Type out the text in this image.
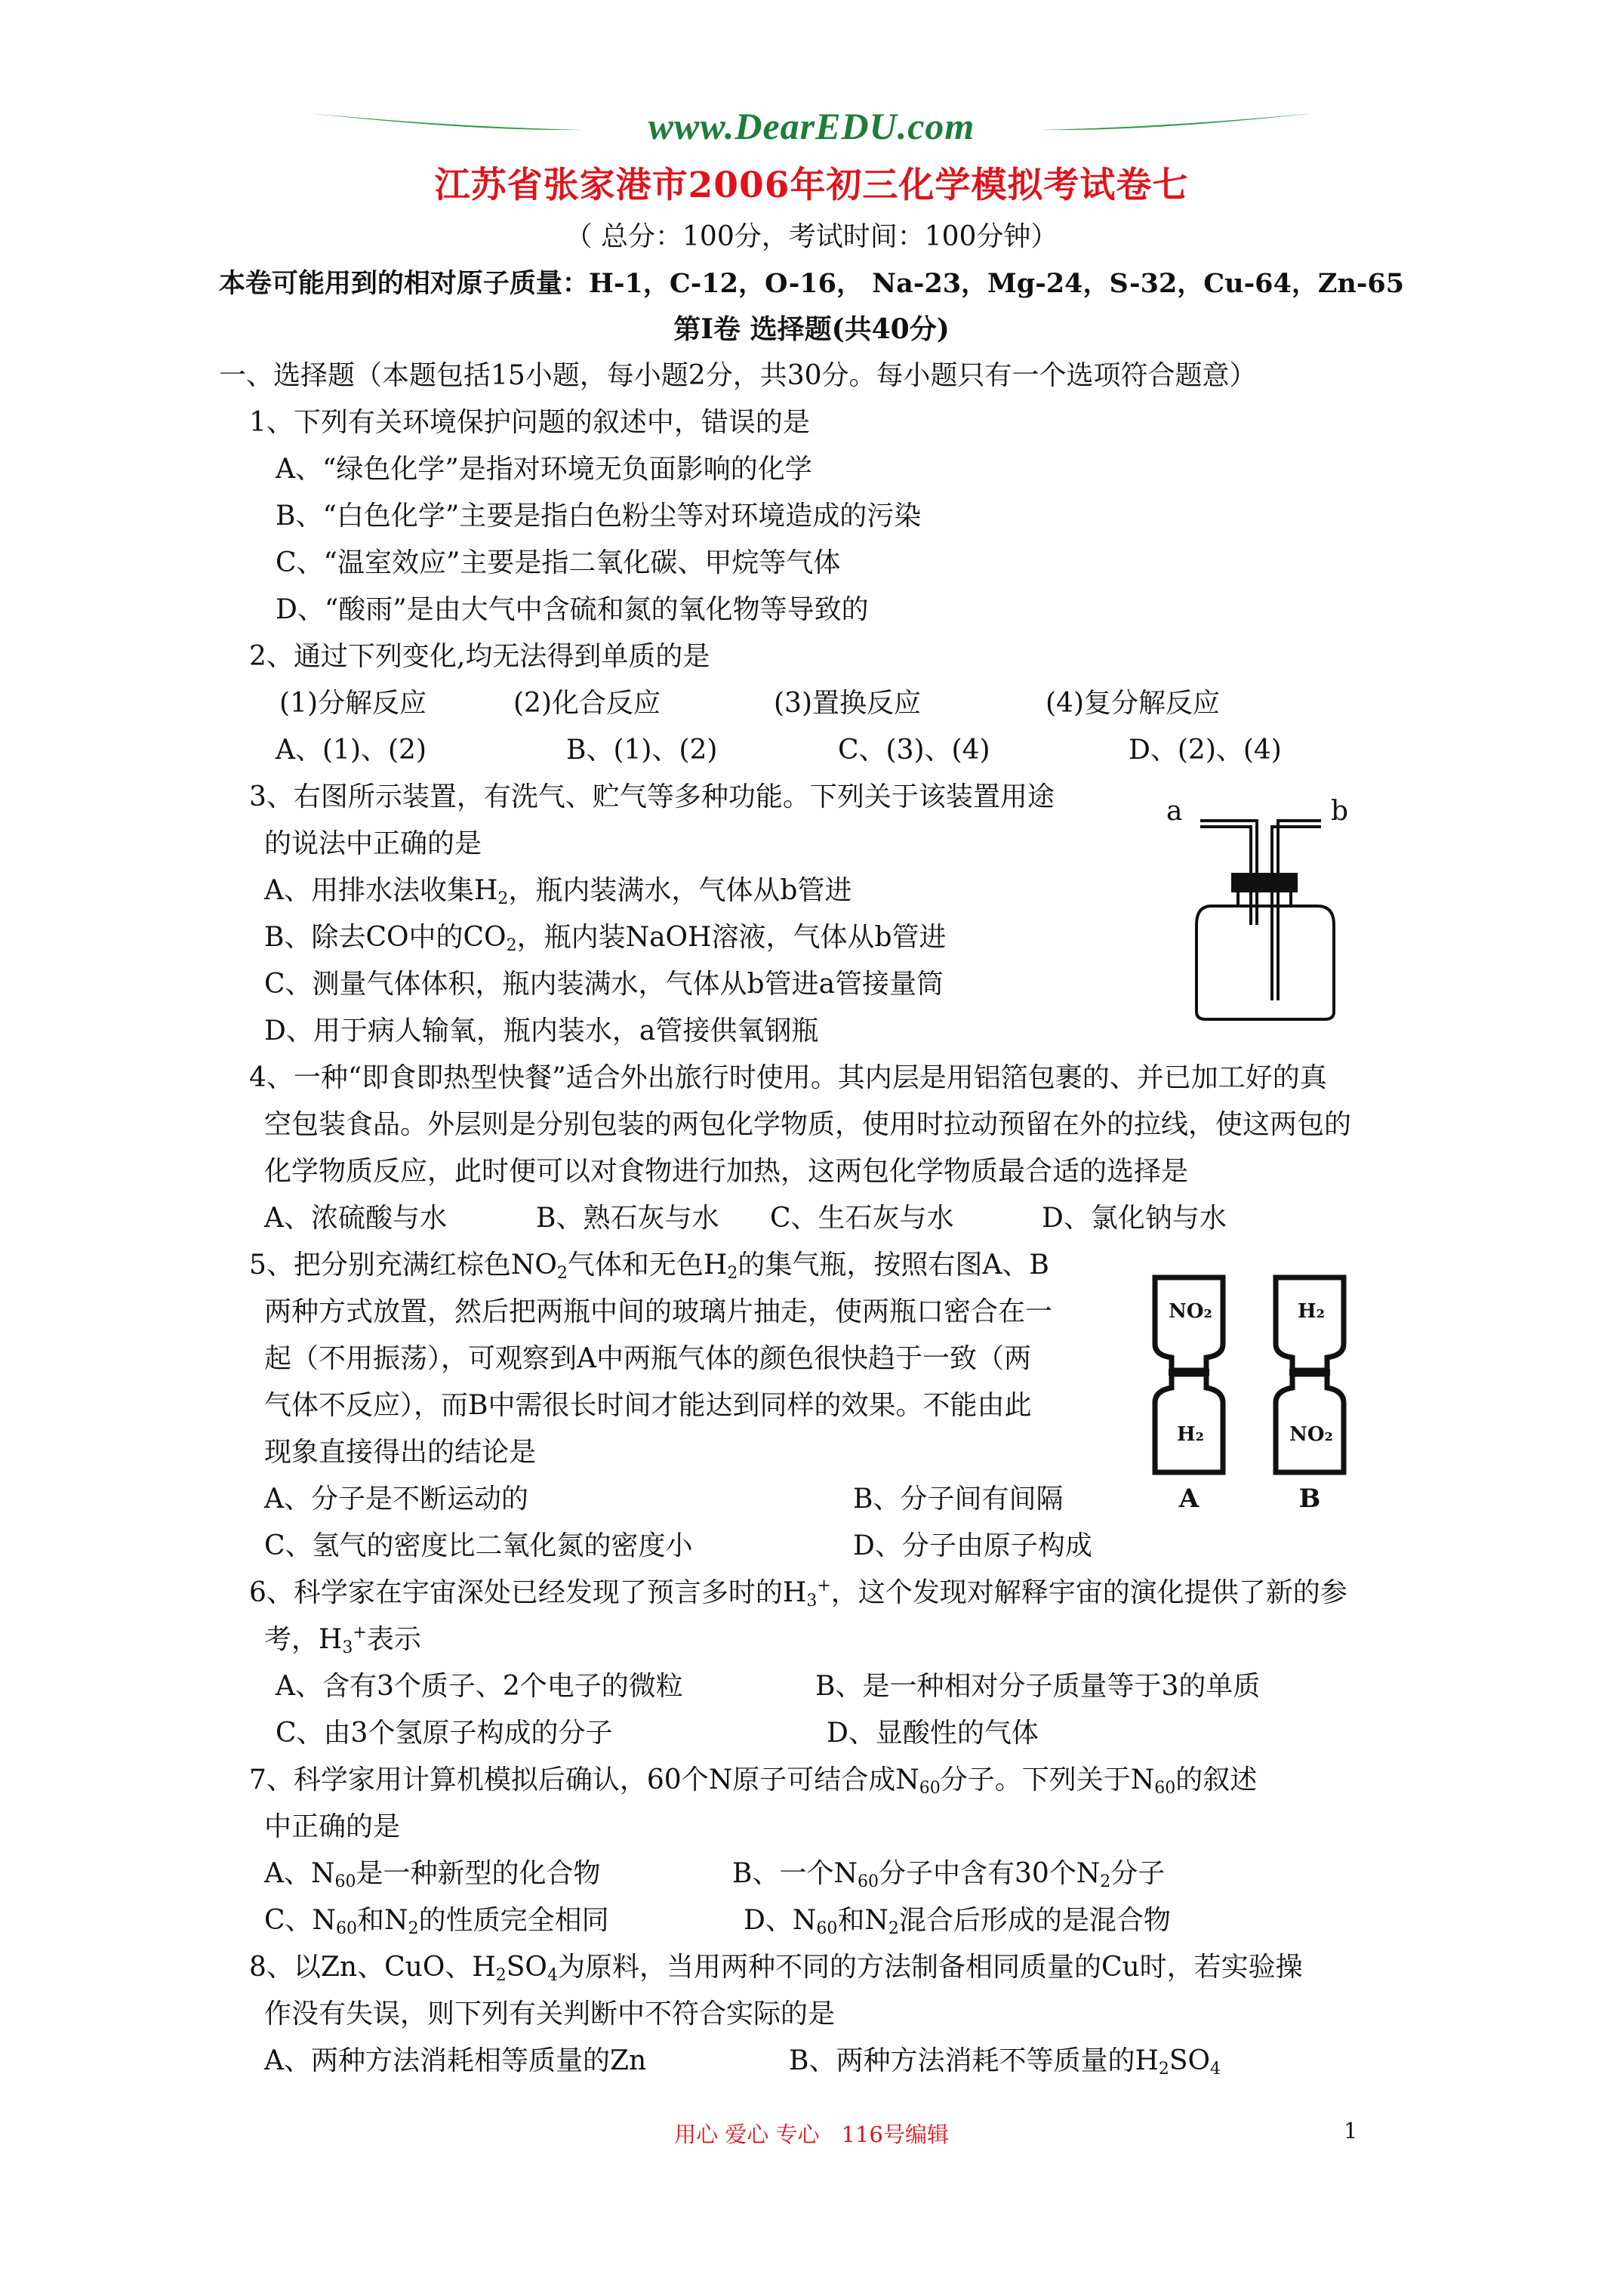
www.DearEDU.com
江苏省张家港市2006年初三化学模拟考试卷七
（ 总分：100分，考试时间：100分钟）
本卷可能用到的相对原子质量：H-1，C-12，O-16， Na-23，Mg-24，S-32，Cu-64，Zn-65
第Ⅰ卷 选择题(共40分)
一、选择题（本题包括15小题，每小题2分，共30分。每小题只有一个选项符合题意）
1、下列有关环境保护问题的叙述中，错误的是
A、“绿色化学”是指对环境无负面影响的化学
B、“白色化学”主要是指白色粉尘等对环境造成的污染
C、“温室效应”主要是指二氧化碳、甲烷等气体
D、“酸雨”是由大气中含硫和氮的氧化物等导致的
2、通过下列变化,均无法得到单质的是
(1)分解反应	(2)化合反应	(3)置换反应	(4)复分解反应
A、(1)、(2)	B、(1)、(2)	C、(3)、(4)	D、(2)、(4)
3、右图所示装置，有洗气、贮气等多种功能。下列关于该装置用途
的说法中正确的是
A、用排水法收集$H_2$，瓶内装满水，气体从b管进
B、除去CO中的$CO_2$，瓶内装NaOH溶液，气体从b管进
C、测量气体体积，瓶内装满水，气体从b管进a管接量筒
D、用于病人输氧，瓶内装水，a管接供氧钢瓶
a	b
4、一种“即食即热型快餐”适合外出旅行时使用。其内层是用铝箔包裹的、并已加工好的真
空包装食品。外层则是分别包装的两包化学物质，使用时拉动预留在外的拉线，使这两包的
化学物质反应，此时便可以对食物进行加热，这两包化学物质最合适的选择是
A、浓硫酸与水	B、熟石灰与水 C、生石灰与水	D、氯化钠与水
5、把分别充满红棕色$NO_2$气体和无色$H_2$的集气瓶，按照右图A、B
两种方式放置，然后把两瓶中间的玻璃片抽走，使两瓶口密合在一
起（不用振荡），可观察到A中两瓶气体的颜色很快趋于一致（两
气体不反应），而B中需很长时间才能达到同样的效果。不能由此
现象直接得出的结论是
A、分子是不断运动的	B、分子间有间隔
C、氢气的密度比二氧化氮的密度小	D、分子由原子构成
NO₂
H₂
H₂
NO₂
A	B
6、科学家在宇宙深处已经发现了预言多时的$H_3^+$，这个发现对解释宇宙的演化提供了新的参
考，$H_3^+$表示
A、含有3个质子、2个电子的微粒	B、是一种相对分子质量等于3的单质
C、由3个氢原子构成的分子	D、显酸性的气体
7、科学家用计算机模拟后确认，60个N原子可结合成$N_{60}$分子。下列关于$N_{60}$的叙述
中正确的是
A、$N_{60}$是一种新型的化合物	B、一个$N_{60}$分子中含有30个$N_2$分子
C、$N_{60}$和$N_2$的性质完全相同	D、$N_{60}$和$N_2$混合后形成的是混合物
8、以Zn、CuO、$H_2SO_4$为原料，当用两种不同的方法制备相同质量的Cu时，若实验操
作没有失误，则下列有关判断中不符合实际的是
A、两种方法消耗相等质量的Zn	B、两种方法消耗不等质量的$H_2SO_4$
用心 爱心 专心　116号编辑	1
